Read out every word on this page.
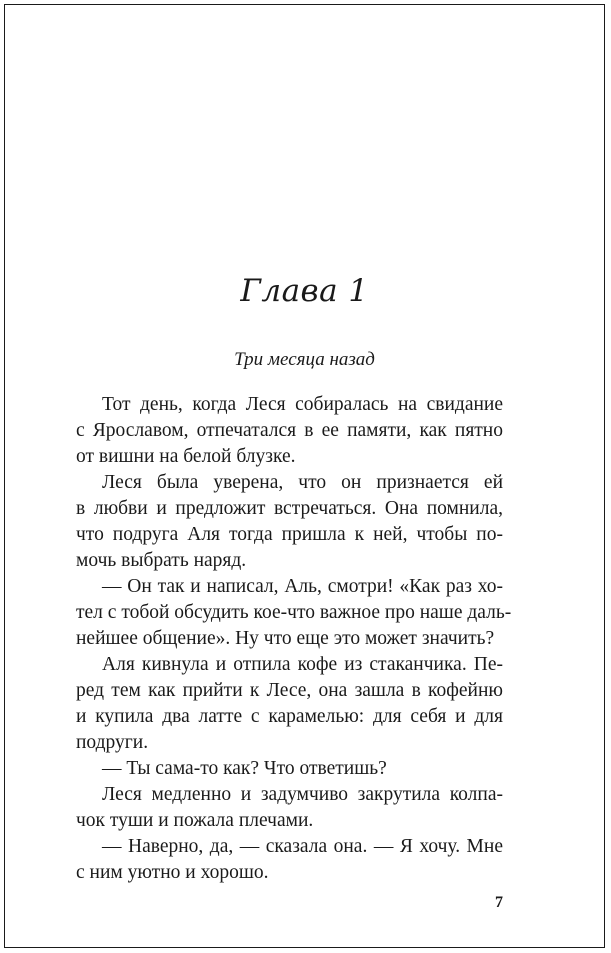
Глава 1

Три месяца назад

Тот день, когда Леся собиралась на свидание
с Ярославом, отпечатался в ее памяти, как пятно
от вишни на белой блузке.
Леся была уверена, что он признается ей
в любви и предложит встречаться. Она помнила,
что подруга Аля тогда пришла к ней, чтобы по-
мочь выбрать наряд.
— Он так и написал, Аль, смотри! «Как раз хо-
тел с тобой обсудить кое-что важное про наше даль-
нейшее общение». Ну что еще это может значить?
Аля кивнула и отпила кофе из стаканчика. Пе-
ред тем как прийти к Лесе, она зашла в кофейню
и купила два латте с карамелью: для себя и для
подруги.
— Ты сама-то как? Что ответишь?
Леся медленно и задумчиво закрутила колпа-
чок туши и пожала плечами.
— Наверно, да, — сказала она. — Я хочу. Мне
с ним уютно и хорошо.
7
